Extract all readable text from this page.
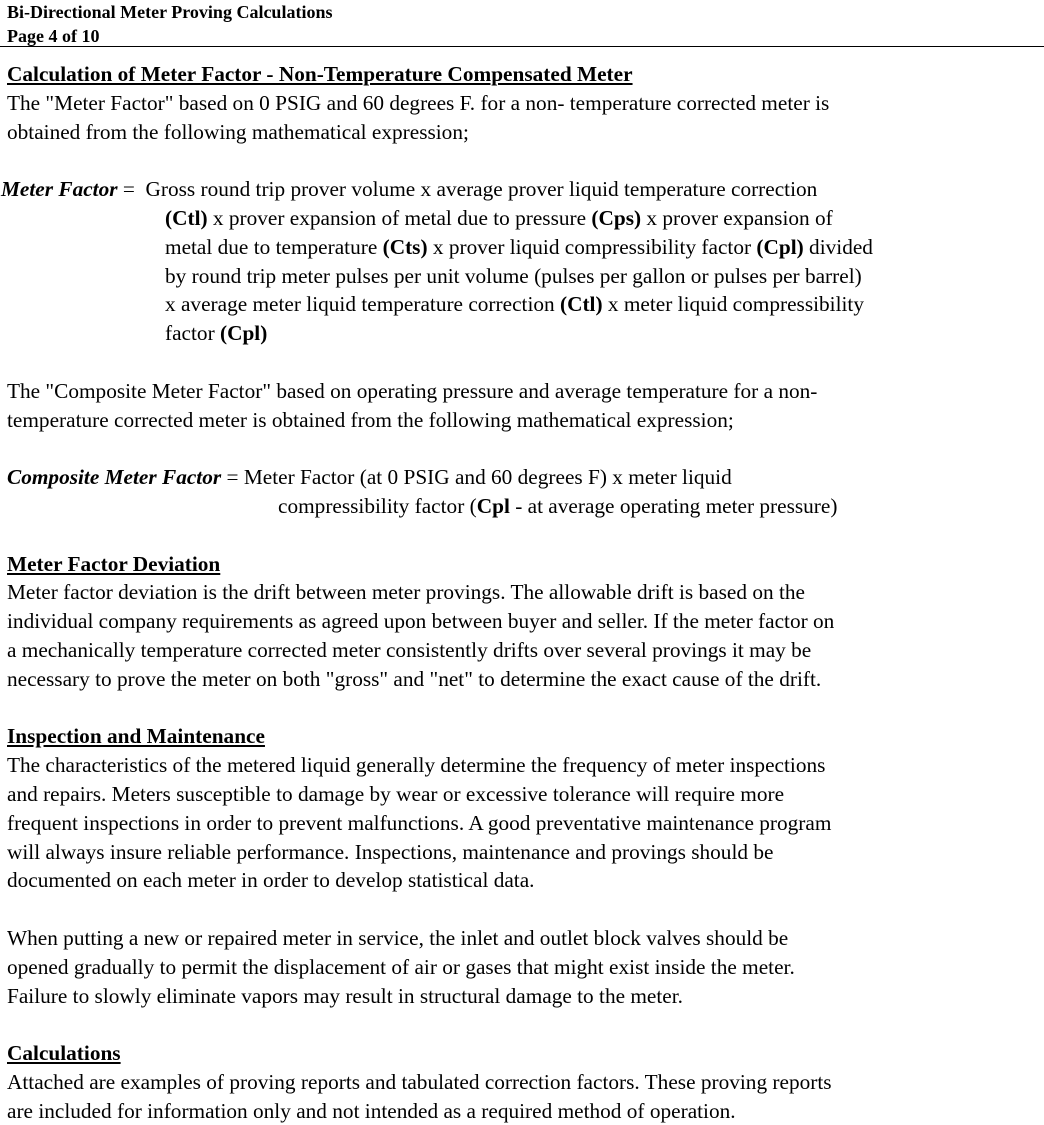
Bi-Directional Meter Proving Calculations
Page 4 of 10
Calculation of Meter Factor - Non-Temperature Compensated Meter
The "Meter Factor" based on 0 PSIG and 60 degrees F. for a non- temperature corrected meter is
obtained from the following mathematical expression;
Meter Factor =  Gross round trip prover volume x average prover liquid temperature correction
(Ctl) x prover expansion of metal due to pressure (Cps) x prover expansion of
metal due to temperature (Cts) x prover liquid compressibility factor (Cpl) divided
by round trip meter pulses per unit volume (pulses per gallon or pulses per barrel)
x average meter liquid temperature correction (Ctl) x meter liquid compressibility
factor (Cpl)
The "Composite Meter Factor" based on operating pressure and average temperature for a non-
temperature corrected meter is obtained from the following mathematical expression;
Composite Meter Factor = Meter Factor (at 0 PSIG and 60 degrees F) x meter liquid
compressibility factor (Cpl - at average operating meter pressure)
Meter Factor Deviation
Meter factor deviation is the drift between meter provings. The allowable drift is based on the
individual company requirements as agreed upon between buyer and seller. If the meter factor on
a mechanically temperature corrected meter consistently drifts over several provings it may be
necessary to prove the meter on both "gross" and "net" to determine the exact cause of the drift.
Inspection and Maintenance
The characteristics of the metered liquid generally determine the frequency of meter inspections
and repairs. Meters susceptible to damage by wear or excessive tolerance will require more
frequent inspections in order to prevent malfunctions. A good preventative maintenance program
will always insure reliable performance. Inspections, maintenance and provings should be
documented on each meter in order to develop statistical data.
When putting a new or repaired meter in service, the inlet and outlet block valves should be
opened gradually to permit the displacement of air or gases that might exist inside the meter.
Failure to slowly eliminate vapors may result in structural damage to the meter.
Calculations
Attached are examples of proving reports and tabulated correction factors. These proving reports
are included for information only and not intended as a required method of operation.
